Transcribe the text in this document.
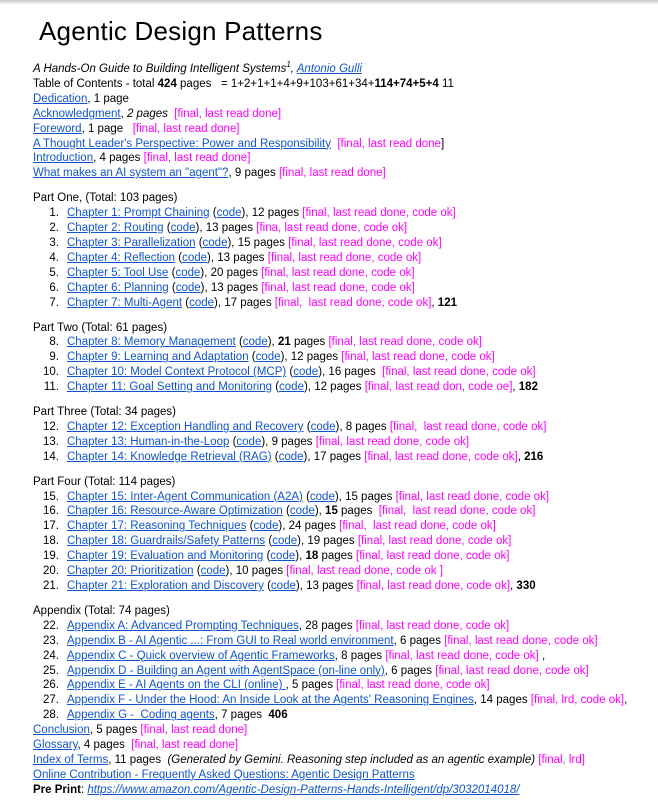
Agentic Design Patterns
A Hands-On Guide to Building Intelligent Systems$^1$, Antonio Gulli
Table of Contents - total 424 pages   = 1+2+1+1+4+9+103+61+34+114+74+5+4 11
Dedication, 1 page
Acknowledgment, 2 pages [final, last read done]
Foreword, 1 page   [final, last read done]
A Thought Leader's Perspective: Power and Responsibility [final, last read done]
Introduction, 4 pages [final, last read done]
What makes an AI system an "agent"?, 9 pages [final, last read done]
Part One, (Total: 103 pages)
1. Chapter 1: Prompt Chaining (code), 12 pages [final, last read done, code ok]
2. Chapter 2: Routing (code), 13 pages [fina, last read done, code ok]
3. Chapter 3: Parallelization (code), 15 pages [final, last read done, code ok]
4. Chapter 4: Reflection (code), 13 pages [final, last read done, code ok]
5. Chapter 5: Tool Use (code), 20 pages [final, last read done, code ok]
6. Chapter 6: Planning (code), 13 pages [final, last read done, code ok]
7. Chapter 7: Multi-Agent (code), 17 pages [final,  last read done, code ok], 121
Part Two (Total: 61 pages)
8. Chapter 8: Memory Management (code), 21 pages [final, last read done, code ok]
9. Chapter 9: Learning and Adaptation (code), 12 pages [final, last read done, code ok]
10. Chapter 10: Model Context Protocol (MCP) (code), 16 pages  [final, last read done, code ok]
11. Chapter 11: Goal Setting and Monitoring (code), 12 pages [final, last read don, code oe], 182
Part Three (Total: 34 pages)
12. Chapter 12: Exception Handling and Recovery (code), 8 pages [final,  last read done, code ok]
13. Chapter 13: Human-in-the-Loop (code), 9 pages [final, last read done, code ok]
14. Chapter 14: Knowledge Retrieval (RAG) (code), 17 pages [final, last read done, code ok], 216
Part Four (Total: 114 pages)
15. Chapter 15: Inter-Agent Communication (A2A) (code), 15 pages [final, last read done, code ok]
16. Chapter 16: Resource-Aware Optimization (code), 15 pages  [final,  last read done, code ok]
17. Chapter 17: Reasoning Techniques (code), 24 pages [final,  last read done, code ok]
18. Chapter 18: Guardrails/Safety Patterns (code), 19 pages [final, last read done, code ok]
19. Chapter 19: Evaluation and Monitoring (code), 18 pages [final, last read done, code ok]
20. Chapter 20: Prioritization (code), 10 pages [final, last read done, code ok ]
21. Chapter 21: Exploration and Discovery (code), 13 pages [final, last read done, code ok], 330
Appendix (Total: 74 pages)
22. Appendix A: Advanced Prompting Techniques, 28 pages [final, last read done, code ok]
23. Appendix B - AI Agentic ...: From GUI to Real world environment, 6 pages [final, last read done, code ok]
24. Appendix C - Quick overview of Agentic Frameworks, 8 pages [final, last read done, code ok] ,
25. Appendix D - Building an Agent with AgentSpace (on-line only), 6 pages [final, last read done, code ok]
26. Appendix E - AI Agents on the CLI (online) , 5 pages [final, last read done, code ok]
27. Appendix F - Under the Hood: An Inside Look at the Agents' Reasoning Engines, 14 pages [final, lrd, code ok],
28. Appendix G -  Coding agents, 7 pages  406
Conclusion, 5 pages [final, last read done]
Glossary, 4 pages  [final, last read done]
Index of Terms, 11 pages  (Generated by Gemini. Reasoning step included as an agentic example) [final, lrd]
Online Contribution - Frequently Asked Questions: Agentic Design Patterns
Pre Print: https://www.amazon.com/Agentic-Design-Patterns-Hands-Intelligent/dp/3032014018/
